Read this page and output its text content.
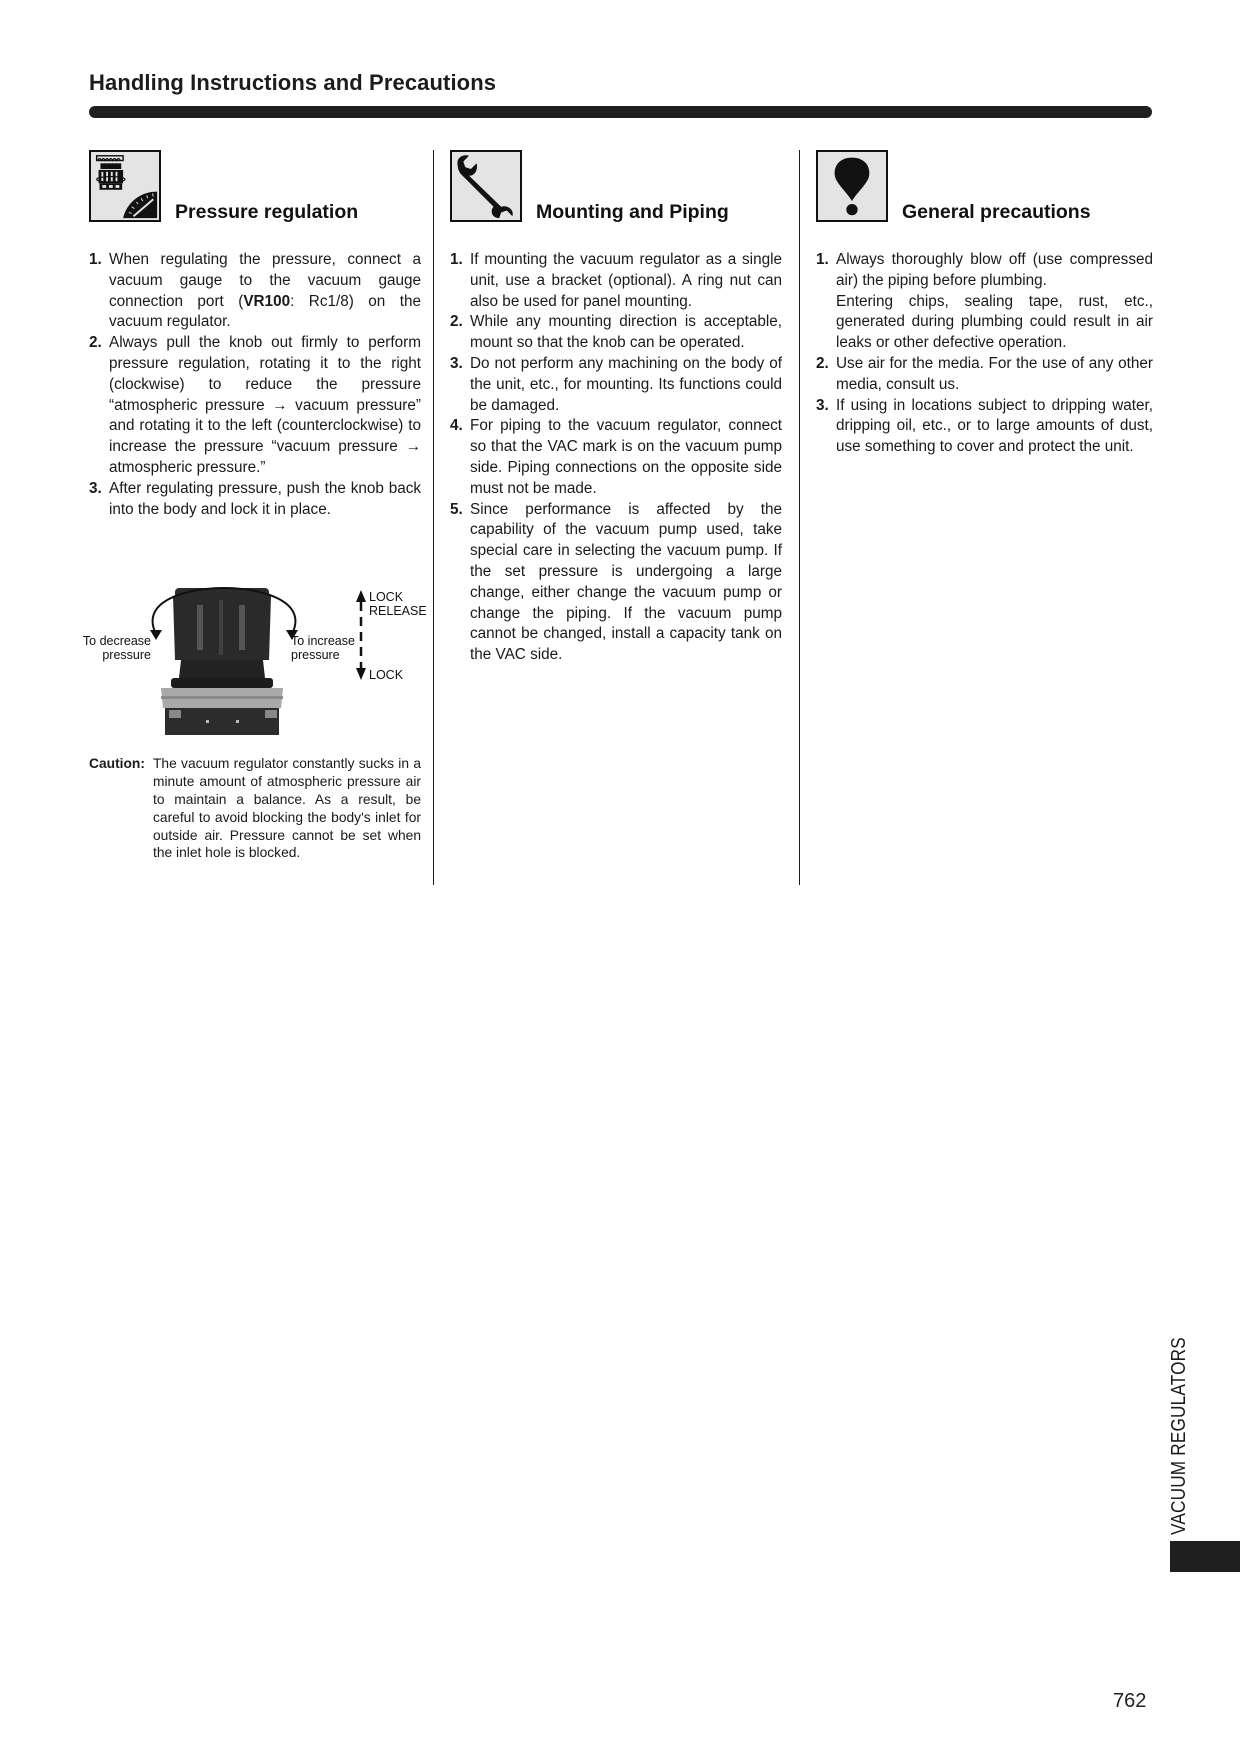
Handling Instructions and Precautions
Pressure regulation
1. When regulating the pressure, connect a vacuum gauge to the vacuum gauge connection port (VR100: Rc1/8) on the vacuum regulator.
2. Always pull the knob out firmly to perform pressure regulation, rotating it to the right (clockwise) to reduce the pressure “atmospheric pressure → vacuum pressure” and rotating it to the left (counterclockwise) to increase the pressure “vacuum pressure → atmospheric pressure.”
3. After regulating pressure, push the knob back into the body and lock it in place.
To decrease
pressure
To increase
pressure
LOCK
RELEASE
LOCK
Caution: The vacuum regulator constantly sucks in a minute amount of atmospheric pressure air to maintain a balance. As a result, be careful to avoid blocking the body's inlet for outside air. Pressure cannot be set when the inlet hole is blocked.
Mounting and Piping
1. If mounting the vacuum regulator as a single unit, use a bracket (optional). A ring nut can also be used for panel mounting.
2. While any mounting direction is acceptable, mount so that the knob can be operated.
3. Do not perform any machining on the body of the unit, etc., for mounting. Its functions could be damaged.
4. For piping to the vacuum regulator, connect so that the VAC mark is on the vacuum pump side. Piping connections on the opposite side must not be made.
5. Since performance is affected by the capability of the vacuum pump used, take special care in selecting the vacuum pump. If the set pressure is undergoing a large change, either change the vacuum pump or change the piping. If the vacuum pump cannot be changed, install a capacity tank on the VAC side.
General precautions
1. Always thoroughly blow off (use compressed air) the piping before plumbing.
Entering chips, sealing tape, rust, etc., generated during plumbing could result in air leaks or other defective operation.
2. Use air for the media. For the use of any other media, consult us.
3. If using in locations subject to dripping water, dripping oil, etc., or to large amounts of dust, use something to cover and protect the unit.
VACUUM REGULATORS
762
